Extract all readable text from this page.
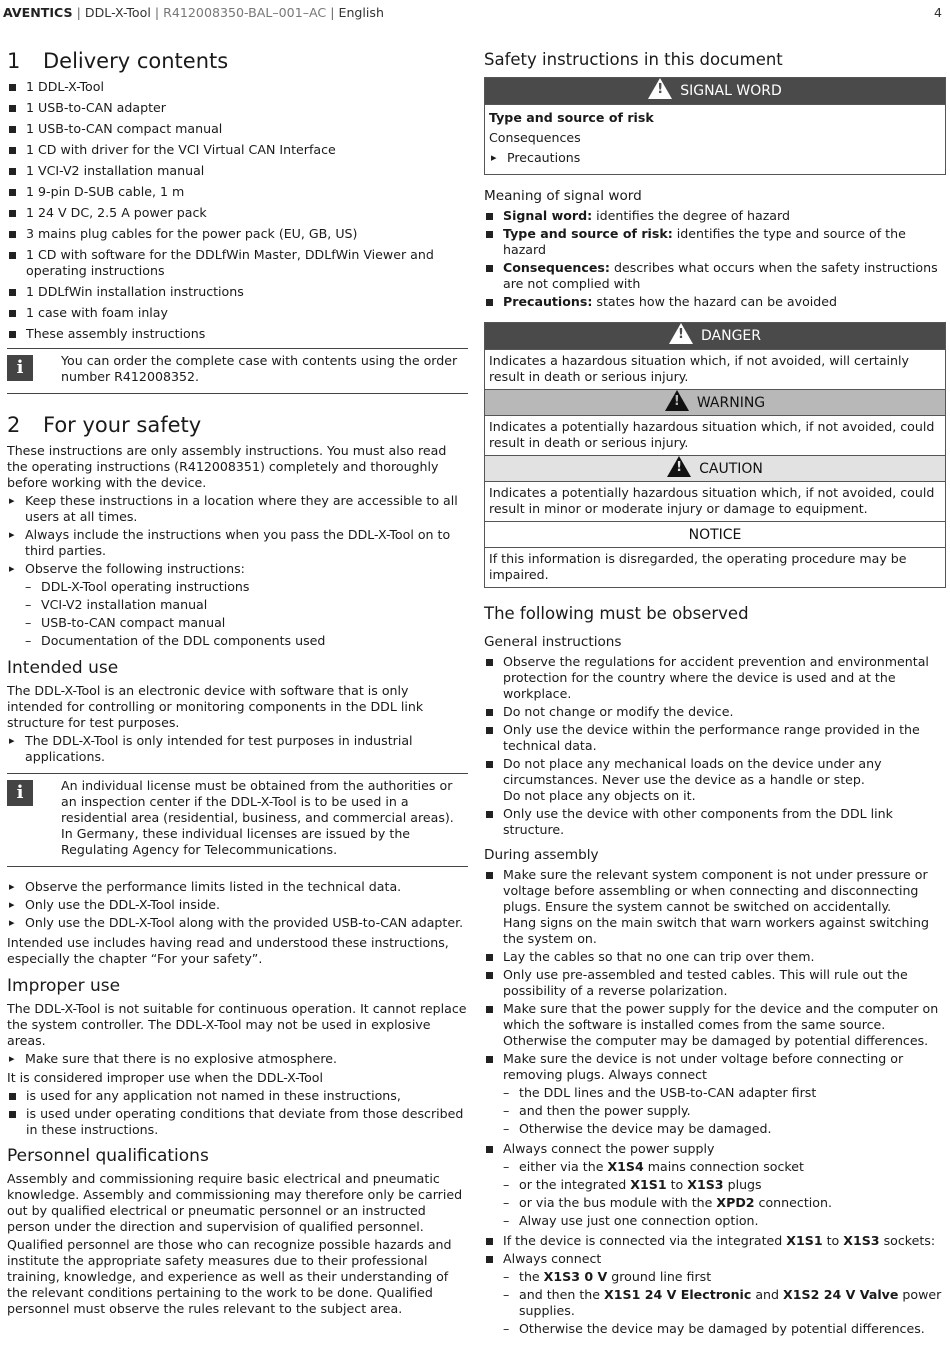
AVENTICS | DDL-X-Tool | R412008350-BAL–001–AC | English	4
1 Delivery contents
1 DDL-X-Tool
1 USB-to-CAN adapter
1 USB-to-CAN compact manual
1 CD with driver for the VCI Virtual CAN Interface
1 VCI-V2 installation manual
1 9-pin D-SUB cable, 1 m
1 24 V DC, 2.5 A power pack
3 mains plug cables for the power pack (EU, GB, US)
1 CD with software for the DDLfWin Master, DDLfWin Viewer and operating instructions
1 DDLfWin installation instructions
1 case with foam inlay
These assembly instructions
i	You can order the complete case with contents using the order number R412008352.

2 For your safety

These instructions are only assembly instructions. You must also read the operating instructions (R412008351) completely and thoroughly before working with the device.

▸ Keep these instructions in a location where they are accessible to all users at all times.
▸ Always include the instructions when you pass the DDL-X-Tool on to third parties.
▸ Observe the following instructions:
– DDL-X-Tool operating instructions
– VCI-V2 installation manual
– USB-to-CAN compact manual
– Documentation of the DDL components used
Intended use

The DDL-X-Tool is an electronic device with software that is only intended for controlling or monitoring components in the DDL link structure for test purposes.

▸ The DDL-X-Tool is only intended for test purposes in industrial applications.
i	An individual license must be obtained from the authorities or an inspection center if the DDL-X-Tool is to be used in a residential area (residential, business, and commercial areas). In Germany, these individual licenses are issued by the Regulating Agency for Telecommunications.

▸ Observe the performance limits listed in the technical data.
▸ Only use the DDL-X-Tool inside.
▸ Only use the DDL-X-Tool along with the provided USB-to-CAN adapter.

Intended use includes having read and understood these instructions, especially the chapter “For your safety”.

Improper use

The DDL-X-Tool is not suitable for continuous operation. It cannot replace the system controller. The DDL-X-Tool may not be used in explosive areas.

▸ Make sure that there is no explosive atmosphere.

It is considered improper use when the DDL-X-Tool

is used for any application not named in these instructions,
is used under operating conditions that deviate from those described in these instructions.
Personnel qualifications

Assembly and commissioning require basic electrical and pneumatic knowledge. Assembly and commissioning may therefore only be carried out by qualified electrical or pneumatic personnel or an instructed person under the direction and supervision of qualified personnel.

Qualified personnel are those who can recognize possible hazards and institute the appropriate safety measures due to their professional training, knowledge, and experience as well as their understanding of the relevant conditions pertaining to the work to be done. Qualified personnel must observe the rules relevant to the subject area.

Safety instructions in this document
! SIGNAL WORD
Type and source of risk
Consequences
▸ Precautions
Meaning of signal word
Signal word: identifies the degree of hazard
Type and source of risk: identifies the type and source of the hazard
Consequences: describes what occurs when the safety instructions are not complied with
Precautions: states how the hazard can be avoided
! DANGER
Indicates a hazardous situation which, if not avoided, will certainly result in death or serious injury.
! WARNING
Indicates a potentially hazardous situation which, if not avoided, could result in death or serious injury.
! CAUTION
Indicates a potentially hazardous situation which, if not avoided, could result in minor or moderate injury or damage to equipment.
NOTICE
If this information is disregarded, the operating procedure may be impaired.
The following must be observed
General instructions
Observe the regulations for accident prevention and environmental protection for the country where the device is used and at the workplace.
Do not change or modify the device.
Only use the device within the performance range provided in the technical data.
Do not place any mechanical loads on the device under any circumstances. Never use the device as a handle or step.
Do not place any objects on it.
Only use the device with other components from the DDL link structure.
During assembly
Make sure the relevant system component is not under pressure or voltage before assembling or when connecting and disconnecting plugs. Ensure the system cannot be switched on accidentally.
Hang signs on the main switch that warn workers against switching the system on.
Lay the cables so that no one can trip over them.
Only use pre-assembled and tested cables. This will rule out the possibility of a reverse polarization.
Make sure that the power supply for the device and the computer on which the software is installed comes from the same source. Otherwise the computer may be damaged by potential differences.
Make sure the device is not under voltage before connecting or removing plugs. Always connect
– the DDL lines and the USB-to-CAN adapter first
– and then the power supply.
– Otherwise the device may be damaged.
Always connect the power supply
– either via the X1S4 mains connection socket
– or the integrated X1S1 to X1S3 plugs
– or via the bus module with the XPD2 connection.
– Alway use just one connection option.
If the device is connected via the integrated X1S1 to X1S3 sockets:
Always connect
– the X1S3 0 V ground line first
– and then the X1S1 24 V Electronic and X1S2 24 V Valve power supplies.
– Otherwise the device may be damaged by potential differences.
